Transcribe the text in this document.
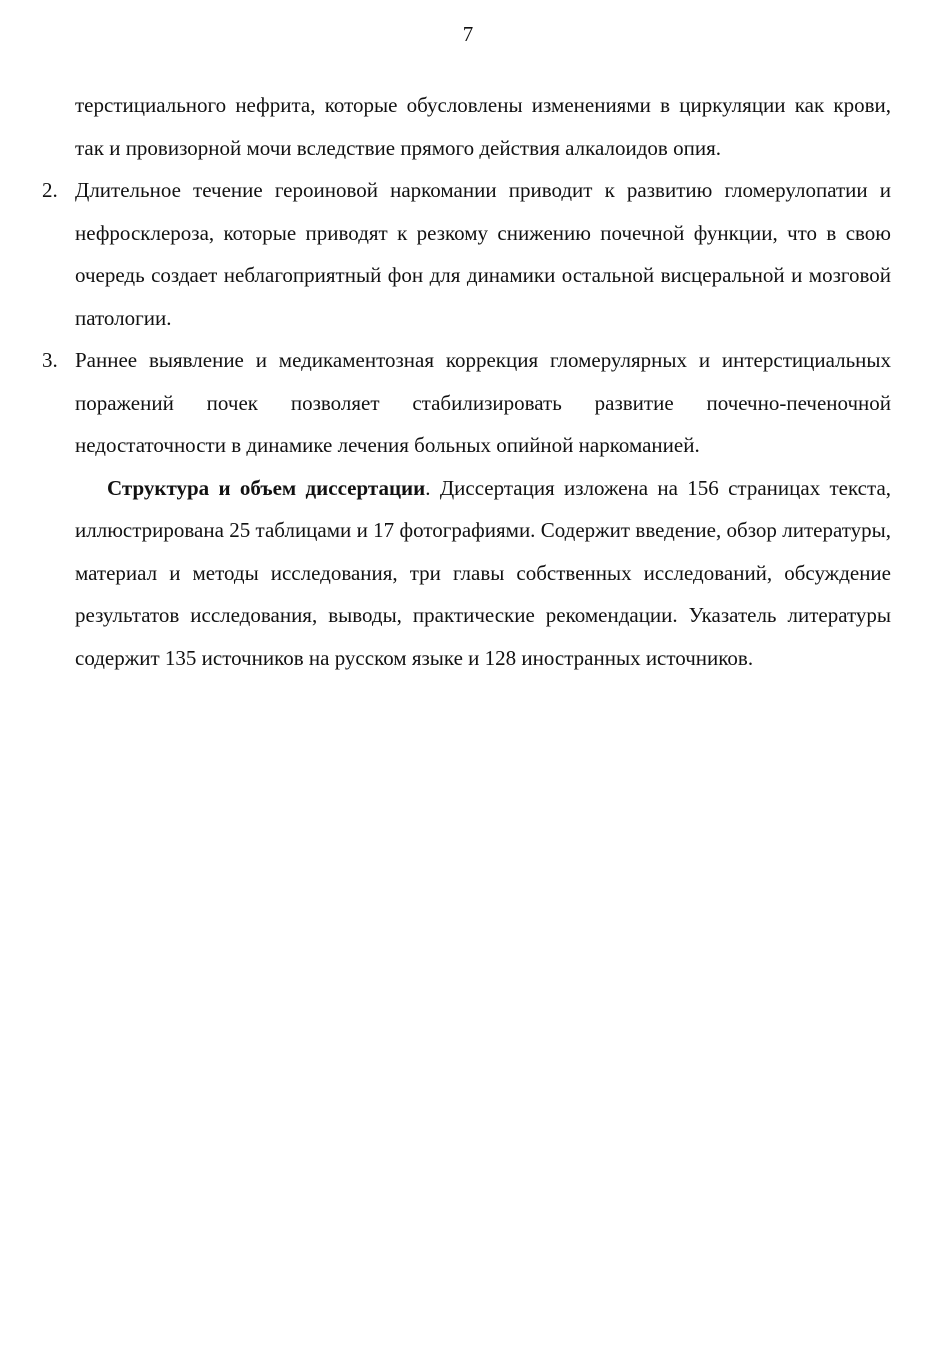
7

терстициального нефрита, которые обусловлены изменениями в циркуляции как крови, так и провизорной мочи вследствие прямого действия алкалоидов опия.

2. Длительное течение героиновой наркомании приводит к развитию гломерулопатии и нефросклероза, которые приводят к резкому снижению почечной функции, что в свою очередь создает неблагоприятный фон для динамики остальной висцеральной и мозговой патологии.
3. Раннее выявление и медикаментозная коррекция гломерулярных и интерстициальных поражений почек позволяет стабилизировать развитие почечно-печеночной недостаточности в динамике лечения больных опийной наркоманией.

Структура и объем диссертации. Диссертация изложена на 156 страницах текста, иллюстрирована 25 таблицами и 17 фотографиями. Содержит введение, обзор литературы, материал и методы исследования, три главы собственных исследований, обсуждение результатов исследования, выводы, практические рекомендации. Указатель литературы содержит 135 источников на русском языке и 128 иностранных источников.
